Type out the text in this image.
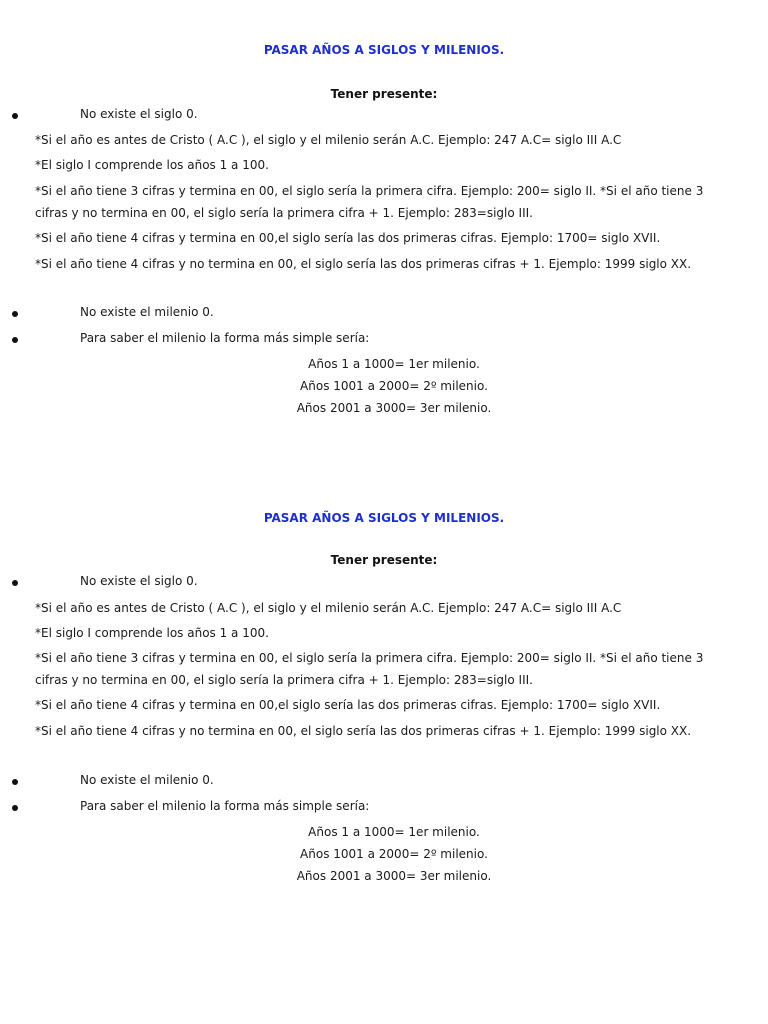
PASAR AÑOS A SIGLOS Y MILENIOS.
Tener presente:
No existe el siglo 0.
*Si el año es antes de Cristo ( A.C ), el siglo y el milenio serán A.C. Ejemplo: 247 A.C= siglo III A.C
*El siglo I comprende los años 1 a 100.
*Si el año tiene 3 cifras y termina en 00, el siglo sería la primera cifra. Ejemplo: 200= siglo II. *Si el año tiene 3 cifras y no termina en 00, el siglo sería la primera cifra + 1. Ejemplo: 283=siglo III.
*Si el año tiene 4 cifras y termina en 00,el siglo sería las dos primeras cifras. Ejemplo: 1700= siglo XVII.
*Si el año tiene 4 cifras y no termina en 00, el siglo sería las dos primeras cifras + 1. Ejemplo: 1999 siglo XX.
No existe el milenio 0.
Para saber el milenio la forma más simple sería:
Años 1 a 1000= 1er milenio.
Años 1001 a 2000= 2º milenio.
Años 2001 a 3000= 3er milenio.
PASAR AÑOS A SIGLOS Y MILENIOS.
Tener presente:
No existe el siglo 0.
*Si el año es antes de Cristo ( A.C ), el siglo y el milenio serán A.C. Ejemplo: 247 A.C= siglo III A.C
*El siglo I comprende los años 1 a 100.
*Si el año tiene 3 cifras y termina en 00, el siglo sería la primera cifra. Ejemplo: 200= siglo II. *Si el año tiene 3 cifras y no termina en 00, el siglo sería la primera cifra + 1. Ejemplo: 283=siglo III.
*Si el año tiene 4 cifras y termina en 00,el siglo sería las dos primeras cifras. Ejemplo: 1700= siglo XVII.
*Si el año tiene 4 cifras y no termina en 00, el siglo sería las dos primeras cifras + 1. Ejemplo: 1999 siglo XX.
No existe el milenio 0.
Para saber el milenio la forma más simple sería:
Años 1 a 1000= 1er milenio.
Años 1001 a 2000= 2º milenio.
Años 2001 a 3000= 3er milenio.
